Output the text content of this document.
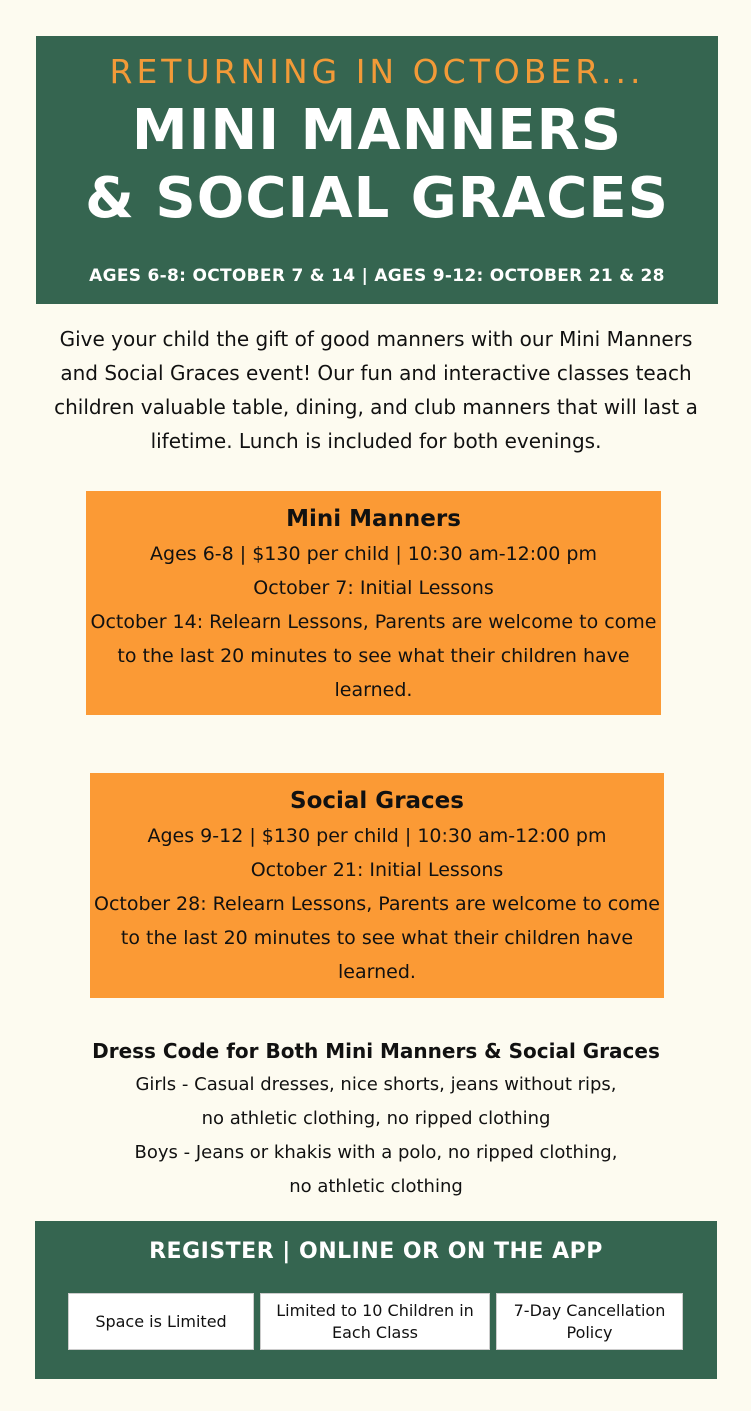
RETURNING IN OCTOBER...
MINI MANNERS
& SOCIAL GRACES
AGES 6-8: OCTOBER 7 & 14 | AGES 9-12: OCTOBER 21 & 28
Give your child the gift of good manners with our Mini Manners and Social Graces event! Our fun and interactive classes teach children valuable table, dining, and club manners that will last a lifetime. Lunch is included for both evenings.
Mini Manners
Ages 6-8 | $130 per child | 10:30 am-12:00 pm
October 7: Initial Lessons
October 14: Relearn Lessons, Parents are welcome to come to the last 20 minutes to see what their children have learned.
Social Graces
Ages 9-12 | $130 per child | 10:30 am-12:00 pm
October 21: Initial Lessons
October 28: Relearn Lessons, Parents are welcome to come to the last 20 minutes to see what their children have learned.
Dress Code for Both Mini Manners & Social Graces
Girls - Casual dresses, nice shorts, jeans without rips,
no athletic clothing, no ripped clothing
Boys - Jeans or khakis with a polo, no ripped clothing,
no athletic clothing
REGISTER | ONLINE OR ON THE APP
Space is Limited
Limited to 10 Children in Each Class
7-Day Cancellation Policy
